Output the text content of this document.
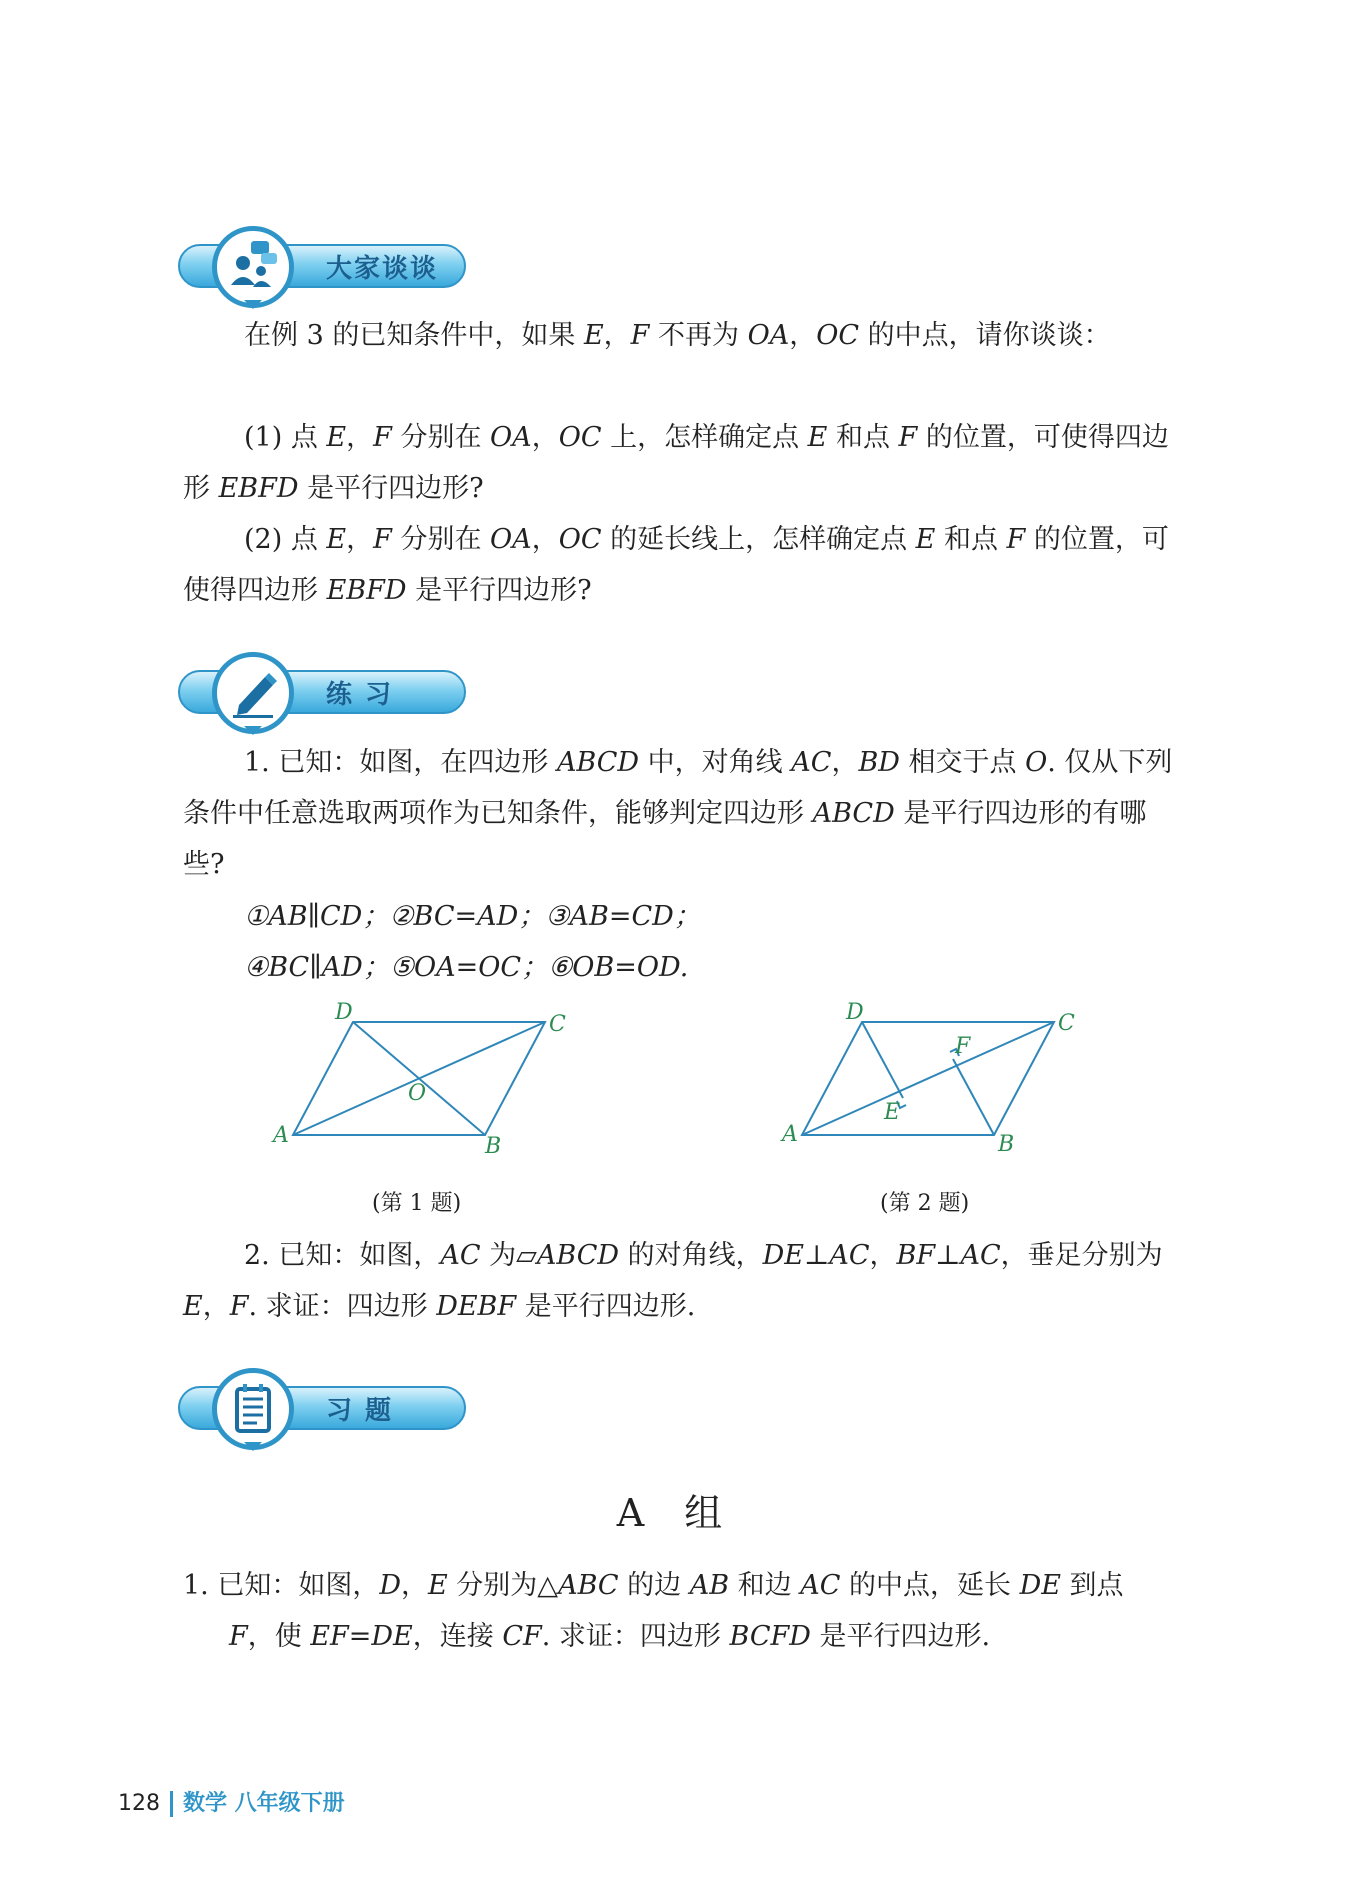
大家谈谈
在例 3 的已知条件中，如果 E，F 不再为 OA，OC 的中点，请你谈谈：
(1) 点 E，F 分别在 OA，OC 上，怎样确定点 E 和点 F 的位置，可使得四边形 EBFD 是平行四边形?
(2) 点 E，F 分别在 OA，OC 的延长线上，怎样确定点 E 和点 F 的位置，可使得四边形 EBFD 是平行四边形?
练 习
1. 已知：如图，在四边形 ABCD 中，对角线 AC，BD 相交于点 O. 仅从下列条件中任意选取两项作为已知条件，能够判定四边形 ABCD 是平行四边形的有哪些?
①AB∥CD；②BC=AD；③AB=CD；
④BC∥AD；⑤OA=OC；⑥OB=OD.
D	C
A	B
O
(第 1 题)
D	C
A	B
E
F
(第 2 题)
2. 已知：如图，AC 为▱ABCD 的对角线，DE⊥AC，BF⊥AC，垂足分别为 E，F. 求证：四边形 DEBF 是平行四边形.
习 题
A 组
1. 已知：如图，D，E 分别为△ABC 的边 AB 和边 AC 的中点，延长 DE 到点 F，使 EF=DE，连接 CF. 求证：四边形 BCFD 是平行四边形.
128 数学 八年级下册
